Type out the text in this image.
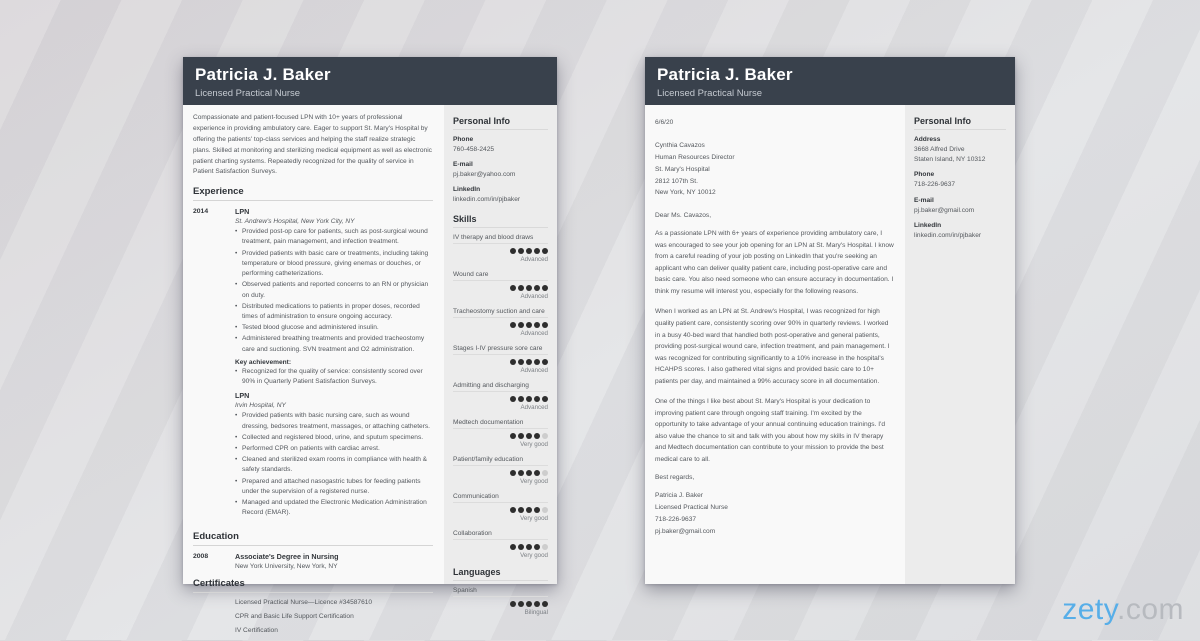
Patricia J. Baker
Licensed Practical Nurse
Compassionate and patient-focused LPN with 10+ years of professional experience in providing ambulatory care. Eager to support St. Mary's Hospital by offering the patients' top-class services and helping the staff realize strategic plans. Skilled at monitoring and sterilizing medical equipment as well as electronic patient charting systems. Repeatedly recognized for the quality of service in Patient Satisfaction Surveys.
Experience
2014	LPN
St. Andrew's Hospital, New York City, NY
• Provided post-op care for patients, such as post-surgical wound treatment, pain management, and infection treatment.
• Provided patients with basic care or treatments, including taking temperature or blood pressure, giving enemas or douches, or performing catheterizations.
• Observed patients and reported concerns to an RN or physician on duty.
• Distributed medications to patients in proper doses, recorded times of administration to ensure ongoing accuracy.
• Tested blood glucose and administered insulin.
• Administered breathing treatments and provided tracheostomy care and suctioning. SVN treatment and O2 administration.
Key achievement:
• Recognized for the quality of service: consistently scored over 90% in Quarterly Patient Satisfaction Surveys.
LPN
Irvin Hospital, NY
• Provided patients with basic nursing care, such as wound dressing, bedsores treatment, massages, or attaching catheters.
• Collected and registered blood, urine, and sputum specimens.
• Performed CPR on patients with cardiac arrest.
• Cleaned and sterilized exam rooms in compliance with health & safety standards.
• Prepared and attached nasogastric tubes for feeding patients under the supervision of a registered nurse.
• Managed and updated the Electronic Medication Administration Record (EMAR).
Education
2008	Associate's Degree in Nursing
New York University, New York, NY
Certificates
Licensed Practical Nurse—Licence #34587610
CPR and Basic Life Support Certification
IV Certification
Personal Info
Phone
760-458-2425
E-mail
pj.baker@yahoo.com
LinkedIn
linkedin.com/in/pjbaker
Skills
IV therapy and blood draws
Advanced
Wound care
Advanced
Tracheostomy suction and care
Advanced
Stages I-IV pressure sore care
Advanced
Admitting and discharging
Advanced
Medtech documentation
Very good
Patient/family education
Very good
Communication
Very good
Collaboration
Very good
Languages
Spanish
Bilingual
Patricia J. Baker
Licensed Practical Nurse
6/6/20
Cynthia Cavazos
Human Resources Director
St. Mary's Hospital
2812 107th St.
New York, NY 10012
Dear Ms. Cavazos,
As a passionate LPN with 6+ years of experience providing ambulatory care, I was encouraged to see your job opening for an LPN at St. Mary's Hospital. I know from a careful reading of your job posting on LinkedIn that you're seeking an applicant who can deliver quality patient care, including post-operative care and basic care. You also need someone who can ensure accuracy in documentation. I think my resume will interest you, especially for the following reasons.
When I worked as an LPN at St. Andrew's Hospital, I was recognized for high quality patient care, consistently scoring over 90% in quarterly reviews. I worked in a busy 40-bed ward that handled both post-operative and general patients, providing post-surgical wound care, infection treatment, and pain management. I was recognized for contributing significantly to a 10% increase in the hospital's HCAHPS scores. I also gathered vital signs and provided basic care to 10+ patients per day, and maintained a 99% accuracy score in all documentation.
One of the things I like best about St. Mary's Hospital is your dedication to improving patient care through ongoing staff training. I'm excited by the opportunity to take advantage of your annual continuing education trainings. I'd also value the chance to sit and talk with you about how my skills in IV therapy and Medtech documentation can contribute to your mission to provide the best medical care to all.
Best regards,
Patricia J. Baker
Licensed Practical Nurse
718-226-9637
pj.baker@gmail.com
Personal Info
Address
3668 Alfred Drive
Staten Island, NY 10312
Phone
718-226-9637
E-mail
pj.baker@gmail.com
LinkedIn
linkedin.com/in/pjbaker
zety.com
